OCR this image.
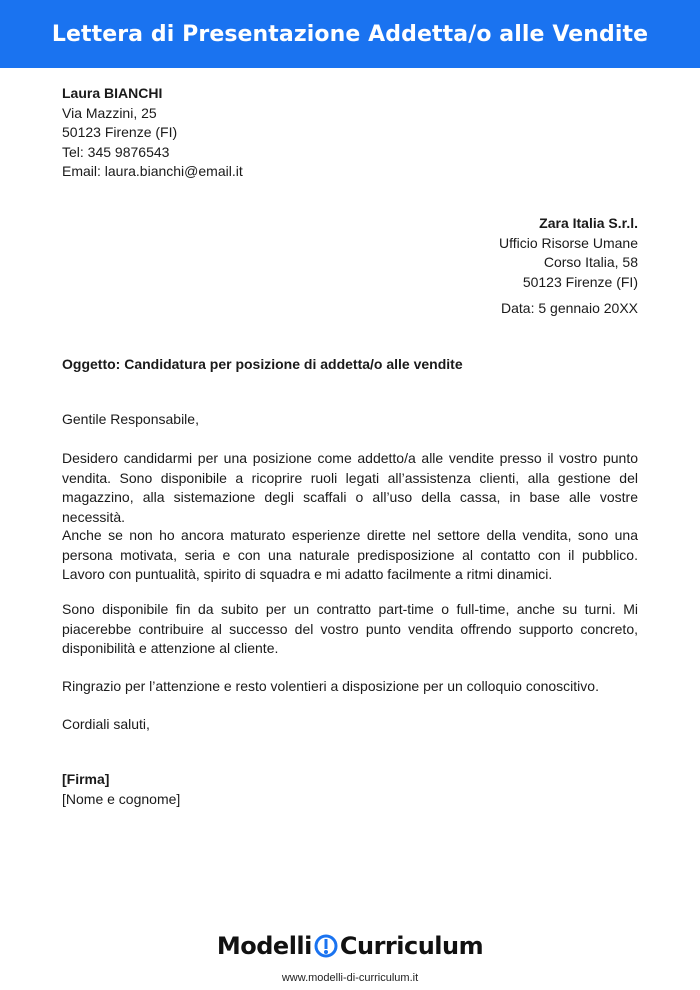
Lettera di Presentazione Addetta/o alle Vendite
Laura BIANCHI
Via Mazzini, 25
50123 Firenze (FI)
Tel: 345 9876543
Email: laura.bianchi@email.it
Zara Italia S.r.l.
Ufficio Risorse Umane
Corso Italia, 58
50123 Firenze (FI)
Data: 5 gennaio 20XX
Oggetto: Candidatura per posizione di addetta/o alle vendite

Gentile Responsabile,

Desidero candidarmi per una posizione come addetto/a alle vendite presso il vostro punto vendita. Sono disponibile a ricoprire ruoli legati all’assistenza clienti, alla gestione del magazzino, alla sistemazione degli scaffali o all’uso della cassa, in base alle vostre necessità.

Anche se non ho ancora maturato esperienze dirette nel settore della vendita, sono una persona motivata, seria e con una naturale predisposizione al contatto con il pubblico. Lavoro con puntualità, spirito di squadra e mi adatto facilmente a ritmi dinamici.

Sono disponibile fin da subito per un contratto part-time o full-time, anche su turni. Mi piacerebbe contribuire al successo del vostro punto vendita offrendo supporto concreto, disponibilità e attenzione al cliente.

Ringrazio per l’attenzione e resto volentieri a disposizione per un colloquio conoscitivo.

Cordiali saluti,

[Firma]
[Nome e cognome]
Modelli Curriculum
www.modelli-di-curriculum.it
